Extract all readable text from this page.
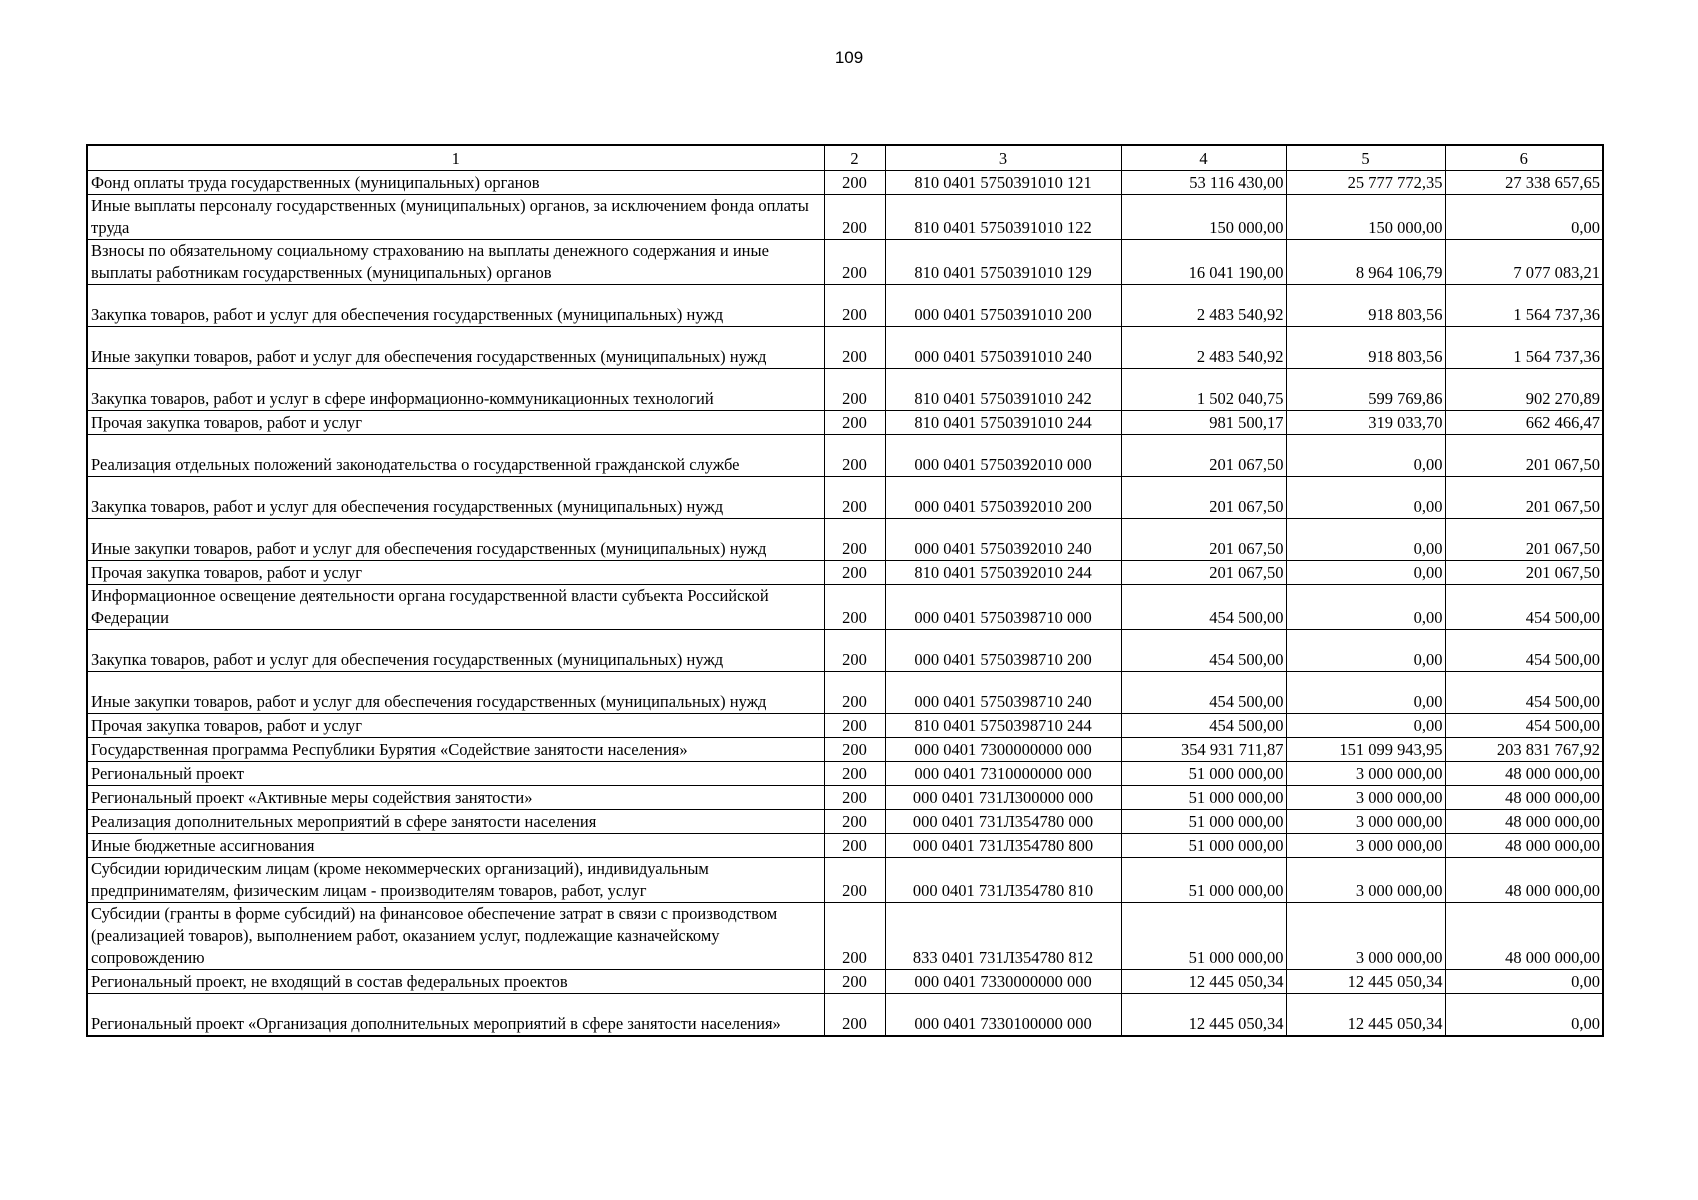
109
1	2	3	4	5	6
Фонд оплаты труда государственных (муниципальных) органов	200	810 0401 5750391010 121	53 116 430,00	25 777 772,35	27 338 657,65
Иные выплаты персоналу государственных (муниципальных) органов, за исключением фонда оплаты труда	200	810 0401 5750391010 122	150 000,00	150 000,00	0,00
Взносы по обязательному социальному страхованию на выплаты денежного содержания и иные выплаты работникам государственных (муниципальных) органов	200	810 0401 5750391010 129	16 041 190,00	8 964 106,79	7 077 083,21
Закупка товаров, работ и услуг для обеспечения государственных (муниципальных) нужд	200	000 0401 5750391010 200	2 483 540,92	918 803,56	1 564 737,36
Иные закупки товаров, работ и услуг для обеспечения государственных (муниципальных) нужд	200	000 0401 5750391010 240	2 483 540,92	918 803,56	1 564 737,36
Закупка товаров, работ и услуг в сфере информационно-коммуникационных технологий	200	810 0401 5750391010 242	1 502 040,75	599 769,86	902 270,89
Прочая закупка товаров, работ и услуг	200	810 0401 5750391010 244	981 500,17	319 033,70	662 466,47
Реализация отдельных положений законодательства о государственной гражданской службе	200	000 0401 5750392010 000	201 067,50	0,00	201 067,50
Закупка товаров, работ и услуг для обеспечения государственных (муниципальных) нужд	200	000 0401 5750392010 200	201 067,50	0,00	201 067,50
Иные закупки товаров, работ и услуг для обеспечения государственных (муниципальных) нужд	200	000 0401 5750392010 240	201 067,50	0,00	201 067,50
Прочая закупка товаров, работ и услуг	200	810 0401 5750392010 244	201 067,50	0,00	201 067,50
Информационное освещение деятельности органа государственной власти субъекта Российской Федерации	200	000 0401 5750398710 000	454 500,00	0,00	454 500,00
Закупка товаров, работ и услуг для обеспечения государственных (муниципальных) нужд	200	000 0401 5750398710 200	454 500,00	0,00	454 500,00
Иные закупки товаров, работ и услуг для обеспечения государственных (муниципальных) нужд	200	000 0401 5750398710 240	454 500,00	0,00	454 500,00
Прочая закупка товаров, работ и услуг	200	810 0401 5750398710 244	454 500,00	0,00	454 500,00
Государственная программа Республики Бурятия «Содействие занятости населения»	200	000 0401 7300000000 000	354 931 711,87	151 099 943,95	203 831 767,92
Региональный проект	200	000 0401 7310000000 000	51 000 000,00	3 000 000,00	48 000 000,00
Региональный проект «Активные меры содействия занятости»	200	000 0401 731Л300000 000	51 000 000,00	3 000 000,00	48 000 000,00
Реализация дополнительных мероприятий в сфере занятости населения	200	000 0401 731Л354780 000	51 000 000,00	3 000 000,00	48 000 000,00
Иные бюджетные ассигнования	200	000 0401 731Л354780 800	51 000 000,00	3 000 000,00	48 000 000,00
Субсидии юридическим лицам (кроме некоммерческих организаций), индивидуальным предпринимателям, физическим лицам - производителям товаров, работ, услуг	200	000 0401 731Л354780 810	51 000 000,00	3 000 000,00	48 000 000,00
Субсидии (гранты в форме субсидий) на финансовое обеспечение затрат в связи с производством (реализацией товаров), выполнением работ, оказанием услуг, подлежащие казначейскому сопровождению	200	833 0401 731Л354780 812	51 000 000,00	3 000 000,00	48 000 000,00
Региональный проект, не входящий в состав федеральных проектов	200	000 0401 7330000000 000	12 445 050,34	12 445 050,34	0,00
Региональный проект «Организация дополнительных мероприятий в сфере занятости населения»	200	000 0401 7330100000 000	12 445 050,34	12 445 050,34	0,00
